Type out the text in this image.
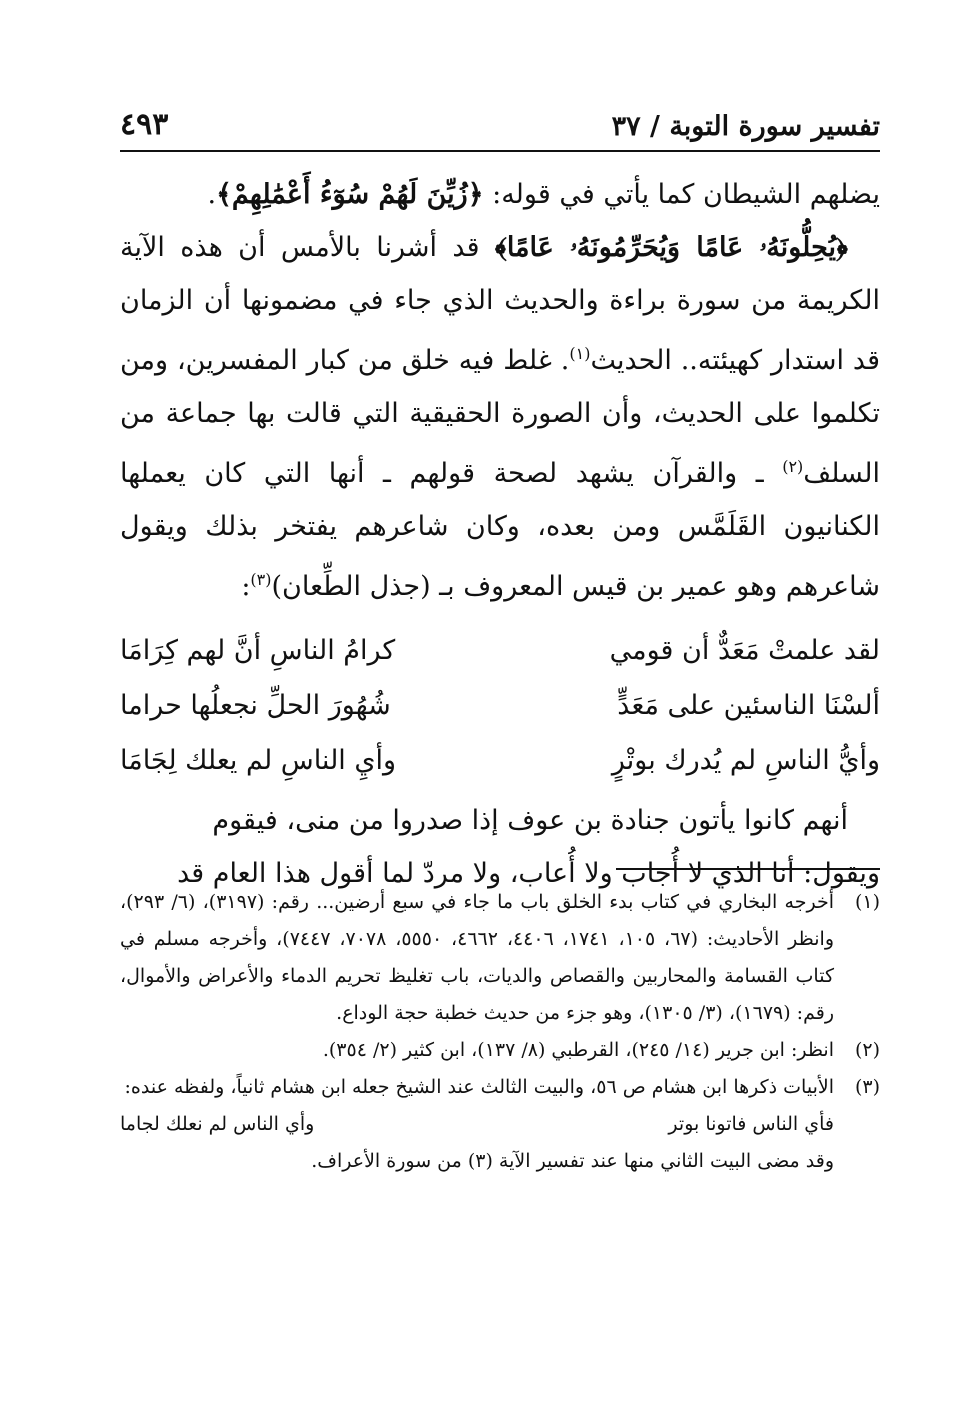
تفسير سورة التوبة / ٣٧
٤٩٣

يضلهم الشيطان كما يأتي في قوله: ﴿زُيِّنَ لَهُمْ سُوٓءُ أَعْمَٰلِهِمْ﴾.

﴿يُحِلُّونَهُۥ عَامًا وَيُحَرِّمُونَهُۥ عَامًا﴾ قد أشرنا بالأمس أن هذه الآية الكريمة من سورة براءة والحديث الذي جاء في مضمونها أن الزمان قد استدار كهيئته.. الحديث$^{(١)}$. غلط فيه خلق من كبار المفسرين، ومن تكلموا على الحديث، وأن الصورة الحقيقية التي قالت بها جماعة من السلف$^{(٢)}$ ـ والقرآن يشهد لصحة قولهم ـ أنها التي كان يعملها الكنانيون القَلَمَّس ومن بعده، وكان شاعرهم يفتخر بذلك ويقول شاعرهم وهو عمير بن قيس المعروف بـ (جذل الطِّعان)$^{(٣)}$:

لقد علمتْ مَعَدٌّ أن قومي
كرامُ الناسِ أنَّ لهم كِرَامَا
ألسْنَا الناسئين على مَعَدٍّ
شُهُورَ الحلِّ نجعلُها حراما
وأيُّ الناسِ لم يُدرك بوتْرٍ
وأيِ الناسِ لم يعلك لِجَامَا

أنهم كانوا يأتون جنادة بن عوف إذا صدروا من منى، فيقوم

ويقول: أنا الذي لا أُجاب ولا أُعاب، ولا مردّ لما أقول هذا العام قد

(١)
أخرجه البخاري في كتاب بدء الخلق باب ما جاء في سبع أرضين... رقم: (٣١٩٧)، (٦/ ٢٩٣)، وانظر الأحاديث: (٦٧، ١٠٥، ١٧٤١، ٤٤٠٦، ٤٦٦٢، ٥٥٥٠، ٧٠٧٨، ٧٤٤٧)، وأخرجه مسلم في كتاب القسامة والمحاربين والقصاص والديات، باب تغليظ تحريم الدماء والأعراض والأموال، رقم: (١٦٧٩)، (٣/ ١٣٠٥)، وهو جزء من حديث خطبة حجة الوداع.
(٢)
انظر: ابن جرير (١٤/ ٢٤٥)، القرطبي (٨/ ١٣٧)، ابن كثير (٢/ ٣٥٤).
(٣)
الأبيات ذكرها ابن هشام ص ٥٦، والبيت الثالث عند الشيخ جعله ابن هشام ثانياً، ولفظه عنده:
فأي الناس فاتونا بوتر
وأي الناس لم نعلك لجاما
وقد مضى البيت الثاني منها عند تفسير الآية (٣) من سورة الأعراف.
